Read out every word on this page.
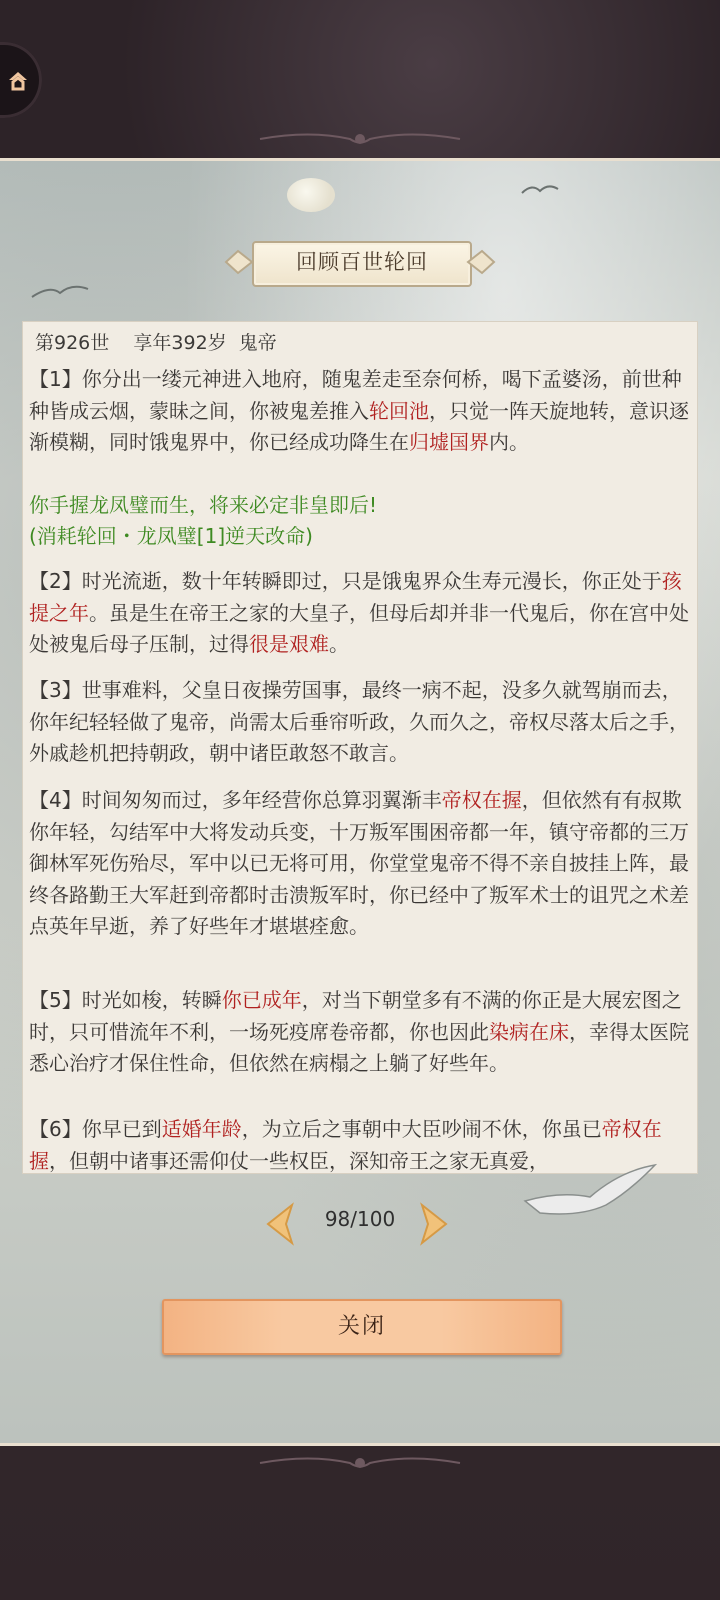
回顾百世轮回
第926世    享年392岁  鬼帝
【1】你分出一缕元神进入地府，随鬼差走至奈何桥，喝下孟婆汤，前世种种皆成云烟，蒙昧之间，你被鬼差推入轮回池，只觉一阵天旋地转，意识逐渐模糊，同时饿鬼界中，你已经成功降生在归墟国界内。
你手握龙凤璧而生，将来必定非皇即后!
(消耗轮回・龙凤璧[1]逆天改命)
【2】时光流逝，数十年转瞬即过，只是饿鬼界众生寿元漫长，你正处于孩提之年。虽是生在帝王之家的大皇子，但母后却并非一代鬼后，你在宫中处处被鬼后母子压制，过得很是艰难。
【3】世事难料，父皇日夜操劳国事，最终一病不起，没多久就驾崩而去，你年纪轻轻做了鬼帝，尚需太后垂帘听政，久而久之，帝权尽落太后之手，外戚趁机把持朝政，朝中诸臣敢怒不敢言。
【4】时间匆匆而过，多年经营你总算羽翼渐丰帝权在握，但依然有有叔欺你年轻，勾结军中大将发动兵变，十万叛军围困帝都一年，镇守帝都的三万御林军死伤殆尽，军中以已无将可用，你堂堂鬼帝不得不亲自披挂上阵，最终各路勤王大军赶到帝都时击溃叛军时，你已经中了叛军术士的诅咒之术差点英年早逝，养了好些年才堪堪痊愈。
【5】时光如梭，转瞬你已成年，对当下朝堂多有不满的你正是大展宏图之时，只可惜流年不利，一场死疫席卷帝都，你也因此染病在床，幸得太医院悉心治疗才保住性命，但依然在病榻之上躺了好些年。
【6】你早已到适婚年龄，为立后之事朝中大臣吵闹不休，你虽已帝权在握，但朝中诸事还需仰仗一些权臣，深知帝王之家无真爱，
98/100
关闭
